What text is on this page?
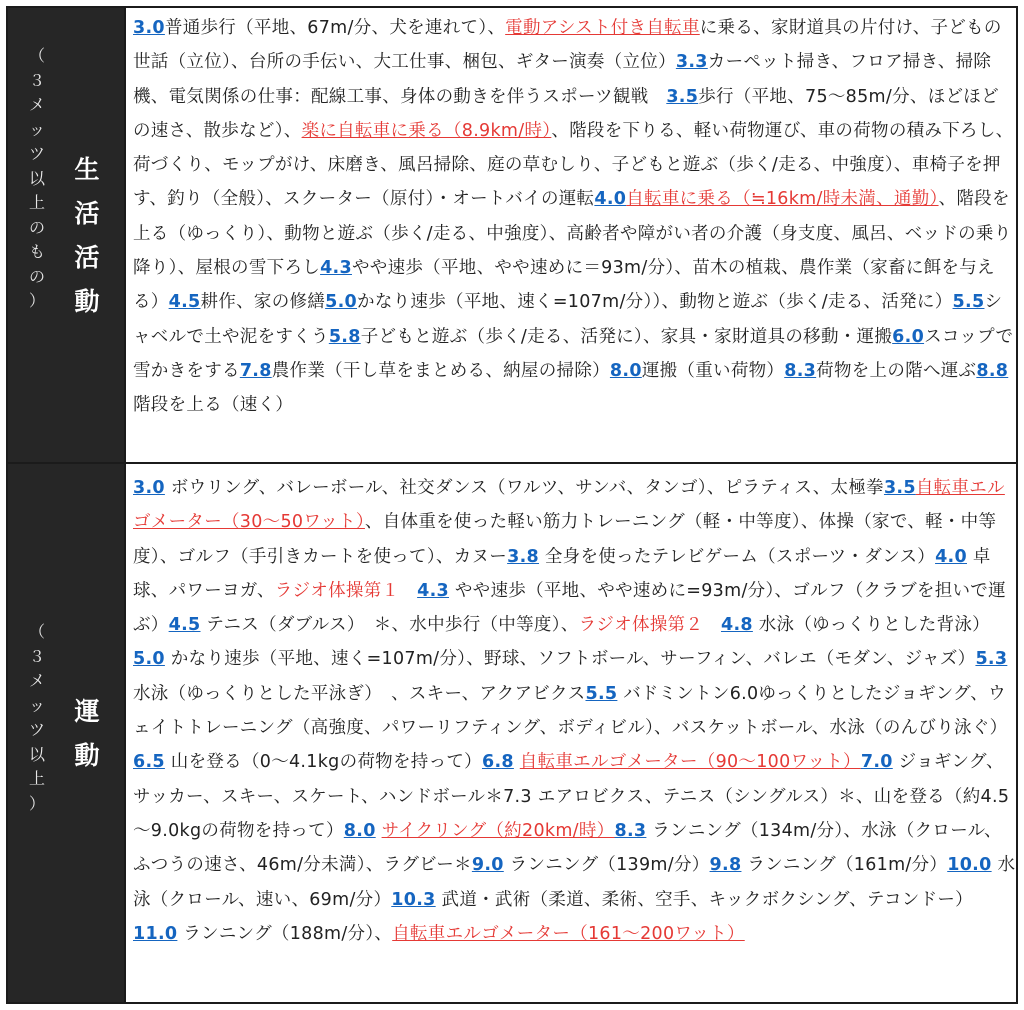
（
３
メ
ッ
ツ
以
上
の
も
の
）
生
活
活
動
3.0普通歩行（平地、67m/分、犬を連れて）、電動アシスト付き自転車に乗る、家財道具の片付け、子どもの世話（立位）、台所の手伝い、大工仕事、梱包、ギター演奏（立位）3.3カーペット掃き、フロア掃き、掃除機、電気関係の仕事：配線工事、身体の動きを伴うスポーツ観戦　3.5歩行（平地、75～85m/分、ほどほどの速さ、散歩など）、楽に自転車に乗る（8.9km/時）、階段を下りる、軽い荷物運び、車の荷物の積み下ろし、荷づくり、モップがけ、床磨き、風呂掃除、庭の草むしり、子どもと遊ぶ（歩く/走る、中強度）、車椅子を押す、釣り（全般）、スクーター（原付）・オートバイの運転4.0自転車に乗る（≒16km/時未満、通勤）、階段を上る（ゆっくり）、動物と遊ぶ（歩く/走る、中強度）、高齢者や障がい者の介護（身支度、風呂、ベッドの乗り降り）、屋根の雪下ろし4.3やや速歩（平地、やや速めに＝93m/分）、苗木の植栽、農作業（家畜に餌を与える）4.5耕作、家の修繕5.0かなり速歩（平地、速く=107m/分））、動物と遊ぶ（歩く/走る、活発に）5.5シャベルで土や泥をすくう5.8子どもと遊ぶ（歩く/走る、活発に）、家具・家財道具の移動・運搬6.0スコップで雪かきをする7.8農作業（干し草をまとめる、納屋の掃除）8.0運搬（重い荷物）8.3荷物を上の階へ運ぶ8.8階段を上る（速く）
（
３
メ
ッ
ツ
以
上
）
運
動
3.0 ボウリング、バレーボール、社交ダンス（ワルツ、サンバ、タンゴ）、ピラティス、太極拳3.5自転車エルゴメーター（30～50ワット）、自体重を使った軽い筋力トレーニング（軽・中等度）、体操（家で、軽・中等度）、ゴルフ（手引きカートを使って）、カヌー3.8 全身を使ったテレビゲーム（スポーツ・ダンス）4.0 卓球、パワーヨガ、ラジオ体操第１　4.3 やや速歩（平地、やや速めに=93m/分）、ゴルフ（クラブを担いで運ぶ）4.5 テニス（ダブルス）　＊、水中歩行（中等度）、ラジオ体操第２　4.8 水泳（ゆっくりとした背泳）5.0 かなり速歩（平地、速く=107m/分）、野球、ソフトボール、サーフィン、バレエ（モダン、ジャズ）5.3 水泳（ゆっくりとした平泳ぎ）　、スキー、アクアビクス5.5 バドミントン6.0ゆっくりとしたジョギング、ウェイトトレーニング（高強度、パワーリフティング、ボディビル）、バスケットボール、水泳（のんびり泳ぐ）6.5 山を登る（0～4.1kgの荷物を持って）6.8 自転車エルゴメーター（90～100ワット）7.0 ジョギング、サッカー、スキー、スケート、ハンドボール＊7.3 エアロビクス、テニス（シングルス）＊、山を登る（約4.5～9.0kgの荷物を持って）8.0 サイクリング（約20km/時）8.3 ランニング（134m/分）、水泳（クロール、ふつうの速さ、46m/分未満）、ラグビー＊9.0 ランニング（139m/分）9.8 ランニング（161m/分）10.0 水泳（クロール、速い、69m/分）10.3 武道・武術（柔道、柔術、空手、キックボクシング、テコンドー）11.0 ランニング（188m/分）、自転車エルゴメーター（161～200ワット）
